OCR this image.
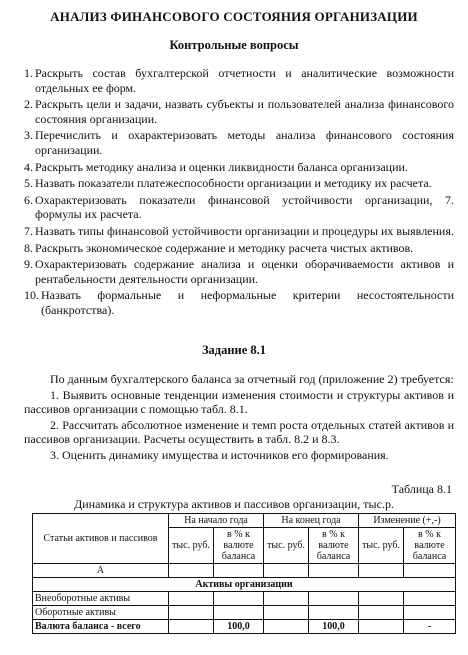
АНАЛИЗ ФИНАНСОВОГО СОСТОЯНИЯ ОРГАНИЗАЦИИ
Контрольные вопросы
1. Раскрыть состав бухгалтерской отчетности и аналитические возможности отдельных ее форм.
2. Раскрыть цели и задачи, назвать субъекты и пользователей анализа финансового состояния организации.
3. Перечислить и охарактеризовать методы анализа финансового состояния организации.
4. Раскрыть методику анализа и оценки ликвидности баланса организации.
5. Назвать показатели платежеспособности организации и методику их расчета.
6. Охарактеризовать показатели финансовой устойчивости организации, 7. формулы их расчета.
7. Назвать типы финансовой устойчивости организации и процедуры их выявления.
8. Раскрыть экономическое содержание и методику расчета чистых активов.
9. Охарактеризовать содержание анализа и оценки оборачиваемости активов и рентабельности деятельности организации.
10. Назвать формальные и неформальные критерии несостоятельности (банкротства).
Задание 8.1

По данным бухгалтерского баланса за отчетный год (приложение 2) требуется:

1. Выявить основные тенденции изменения стоимости и структуры активов и пассивов организации с помощью табл. 8.1.

2. Рассчитать абсолютное изменение и темп роста отдельных статей активов и пассивов организации. Расчеты осуществить в табл. 8.2 и 8.3.

3. Оценить динамику имущества и источников его формирования.

Таблица 8.1
Динамика и структура активов и пассивов организации, тыс.р.
Статьи активов и пассивов	На начало года		На конец года		Изменение (+,-)	
	тыс. руб.	в % к валюте баланса	тыс. руб.	в % к валюте баланса	тыс. руб.	в % к валюте баланса
А						
Активы организации						
Внеоборотные активы						
Оборотные активы						
Валюта баланса - всего		100,0		100,0		-
